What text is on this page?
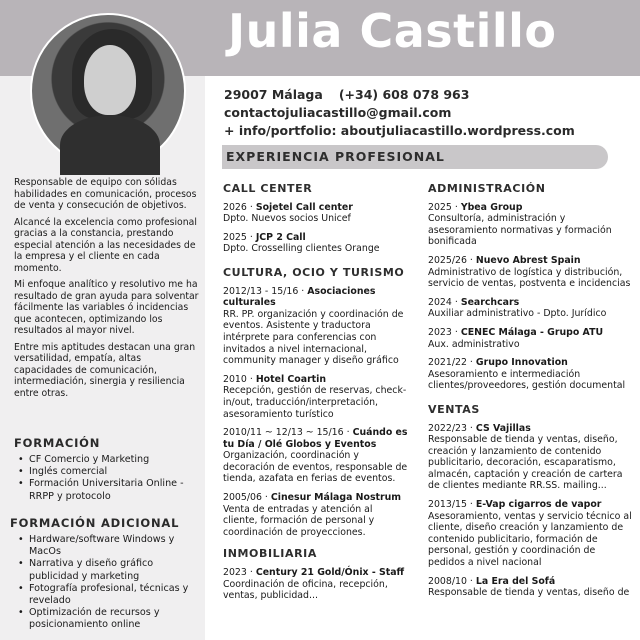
Julia Castillo
29007 Málaga (+34) 608 078 963
contactojuliacastillo@gmail.com
+ info/portfolio: aboutjuliacastillo.wordpress.com
EXPERIENCIA PROFESIONAL

Responsable de equipo con sólidas habilidades en comunicación, procesos de venta y consecución de objetivos.

Alcancé la excelencia como profesional gracias a la constancia, prestando especial atención a las necesidades de la empresa y el cliente en cada momento.

Mi enfoque analítico y resolutivo me ha resultado de gran ayuda para solventar fácilmente las variables ó incidencias que acontecen, optimizando los resultados al mayor nivel.

Entre mis aptitudes destacan una gran versatilidad, empatía, altas capacidades de comunicación, intermediación, sinergia y resiliencia entre otras.

FORMACIÓN
• CF Comercio y Marketing
• Inglés comercial
• Formación Universitaria Online - RRPP y protocolo
FORMACIÓN ADICIONAL
• Hardware/software Windows y MacOs
• Narrativa y diseño gráfico publicidad y marketing
• Fotografía profesional, técnicas y revelado
• Optimización de recursos y posicionamiento online
CALL CENTER
2026 · Sojetel Call center
Dpto. Nuevos socios Unicef
2025 · JCP 2 Call
Dpto. Crosselling clientes Orange
CULTURA, OCIO Y TURISMO
2012/13 - 15/16 · Asociaciones culturales
RR. PP. organización y coordinación de eventos. Asistente y traductora intérprete para conferencias con invitados a nivel internacional, community manager y diseño gráfico
2010 · Hotel Coartin
Recepción, gestión de reservas, check-in/out, traducción/interpretación, asesoramiento turístico
2010/11 ~ 12/13 ~ 15/16 · Cuándo es tu Día / Olé Globos y Eventos
Organización, coordinación y decoración de eventos, responsable de tienda, azafata en ferias de eventos.
2005/06 · Cinesur Málaga Nostrum
Venta de entradas y atención al cliente, formación de personal y coordinación de proyecciones.
INMOBILIARIA
2023 · Century 21 Gold/Ónix - Staff
Coordinación de oficina, recepción, ventas, publicidad...
ADMINISTRACIÓN
2025 · Ybea Group
Consultoría, administración y asesoramiento normativas y formación bonificada
2025/26 · Nuevo Abrest Spain
Administrativo de logística y distribución, servicio de ventas, postventa e incidencias
2024 · Searchcars
Auxiliar administrativo - Dpto. Jurídico
2023 · CENEC Málaga - Grupo ATU
Aux. administrativo
2021/22 · Grupo Innovation
Asesoramiento e intermediación clientes/proveedores, gestión documental
VENTAS
2022/23 · CS Vajillas
Responsable de tienda y ventas, diseño, creación y lanzamiento de contenido publicitario, decoración, escaparatismo, almacén, captación y creación de cartera de clientes mediante RR.SS. mailing...
2013/15 · E-Vap cigarros de vapor
Asesoramiento, ventas y servicio técnico al cliente, diseño creación y lanzamiento de contenido publicitario, formación de personal, gestión y coordinación de pedidos a nivel nacional
2008/10 · La Era del Sofá
Responsable de tienda y ventas, diseño de
